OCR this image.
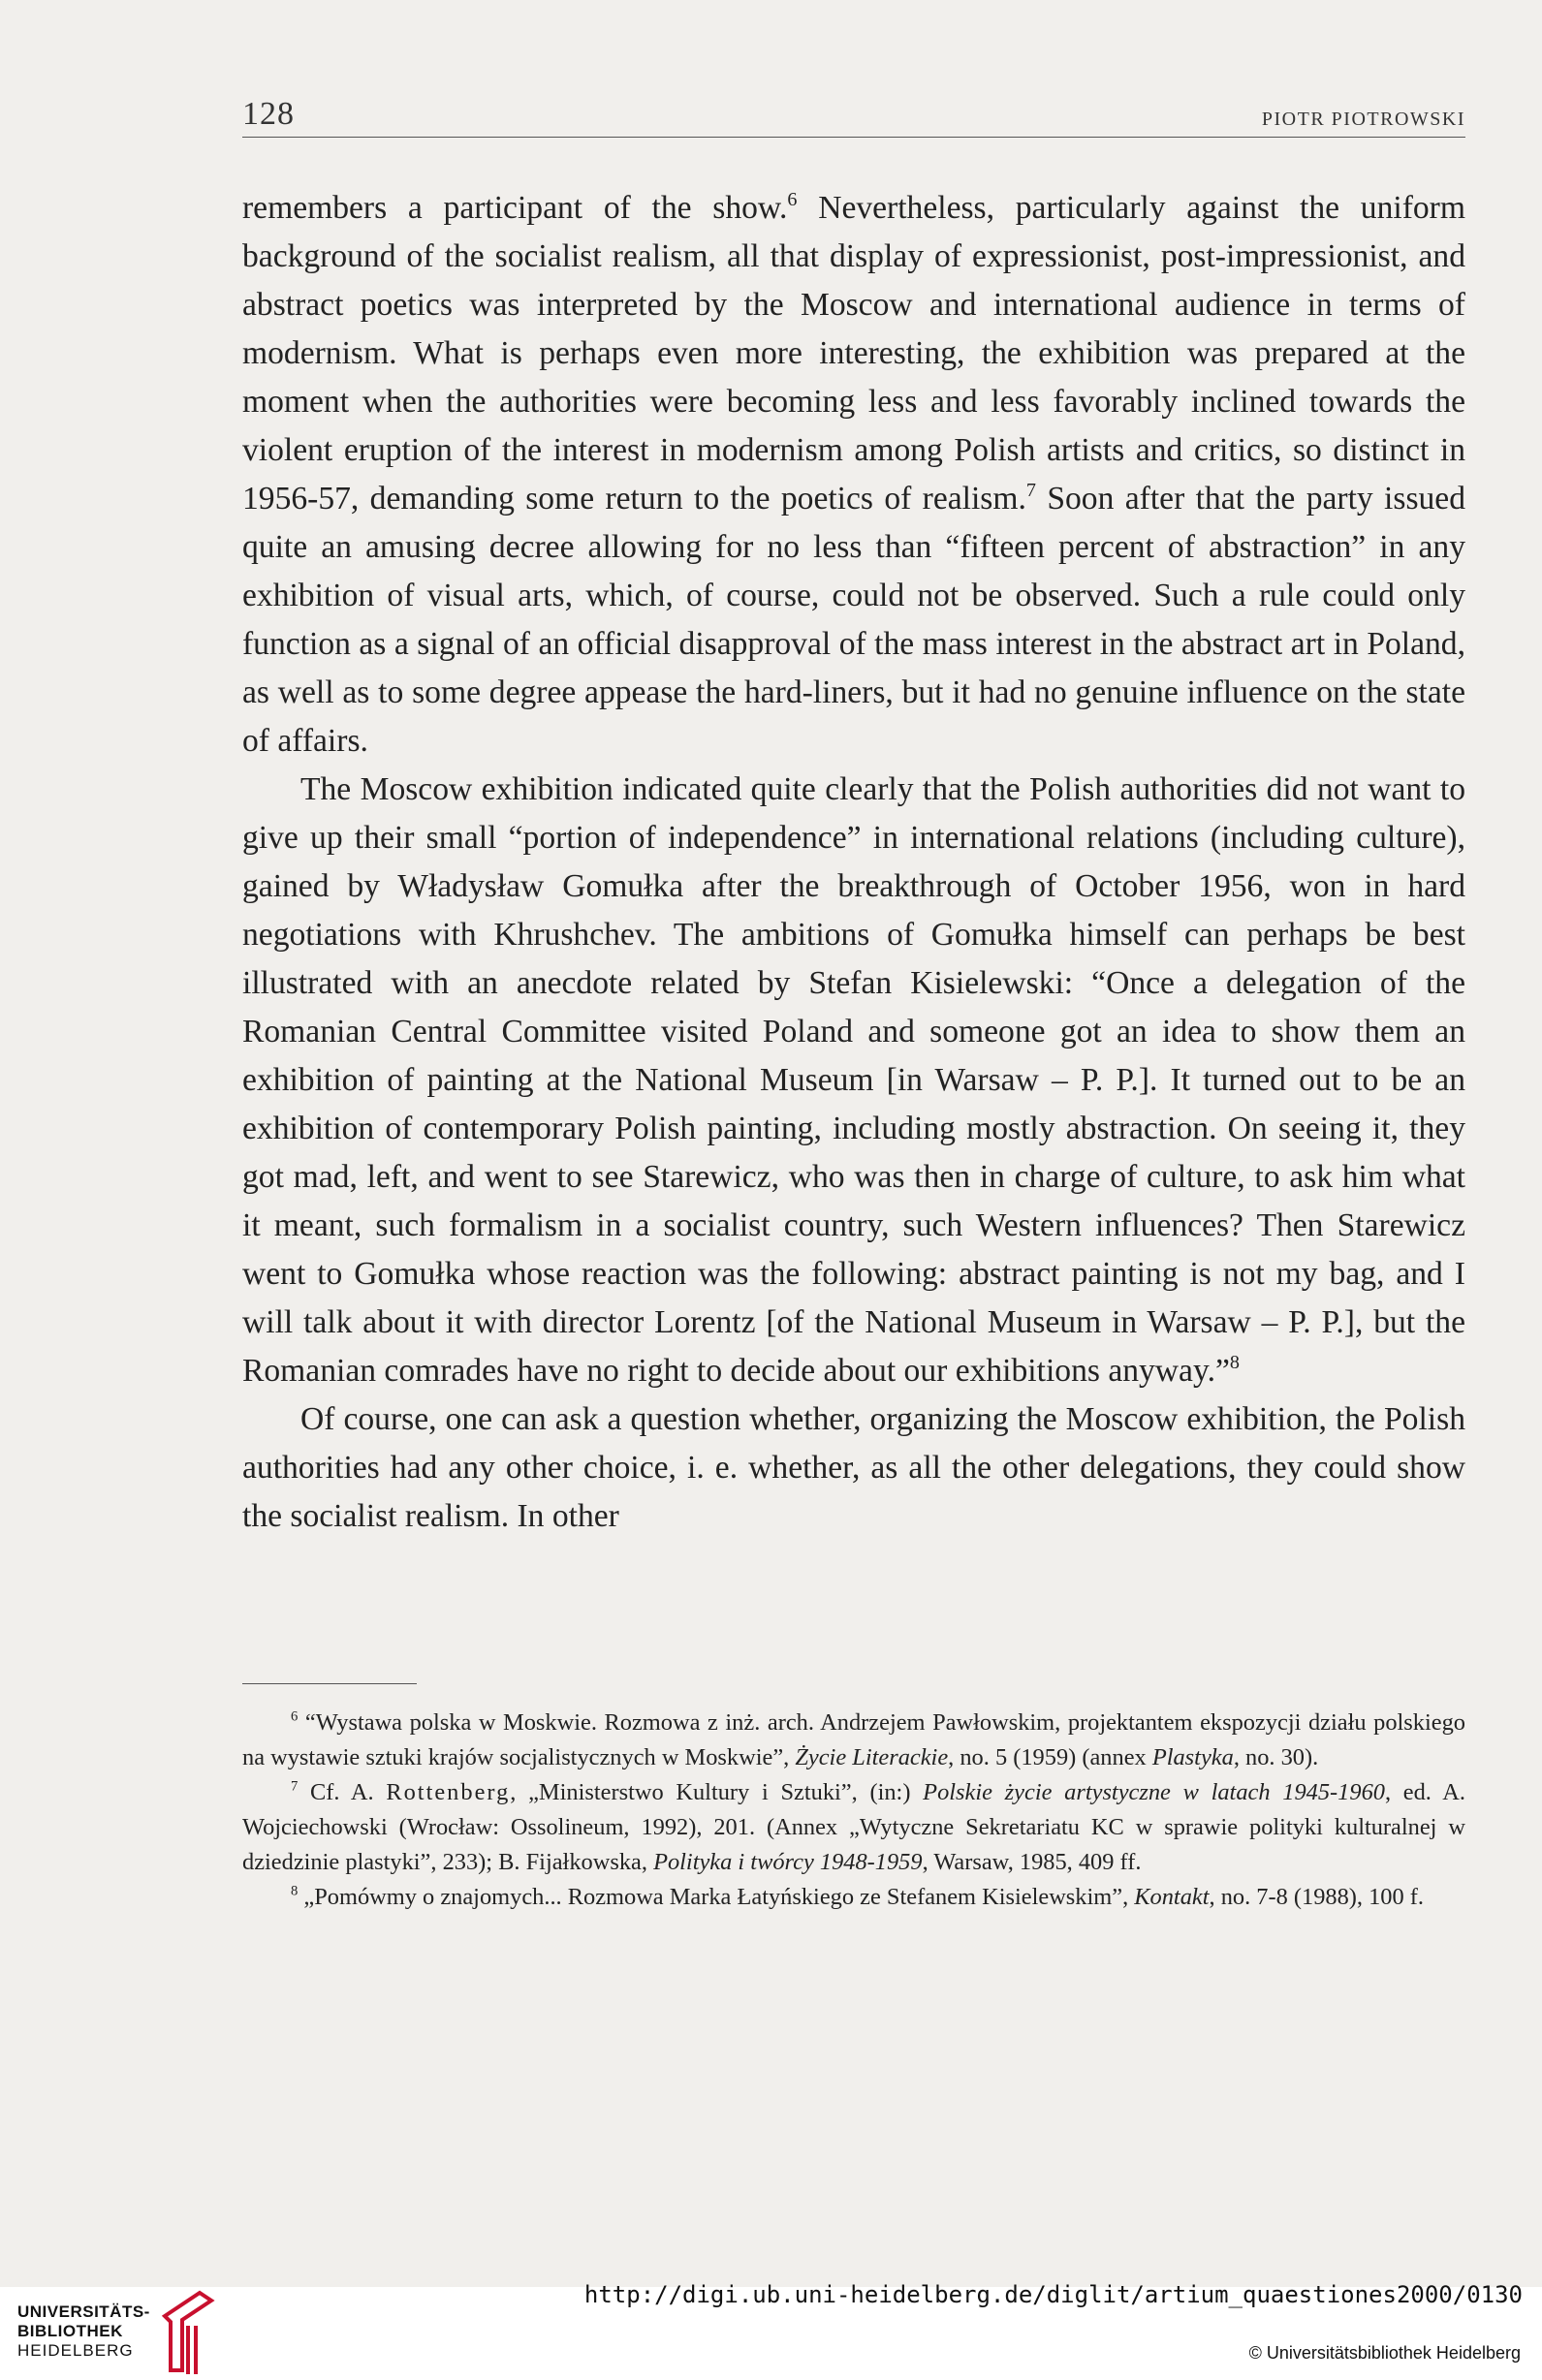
128	PIOTR PIOTROWSKI

remembers a participant of the show.$^6$ Nevertheless, particularly against the uniform background of the socialist realism, all that display of expressionist, post-impressionist, and abstract poetics was interpreted by the Moscow and international audience in terms of modernism. What is perhaps even more interesting, the exhibition was prepared at the moment when the authorities were becoming less and less favorably inclined towards the violent eruption of the interest in modernism among Polish artists and critics, so distinct in 1956-57, demanding some return to the poetics of realism.$^7$ Soon after that the party issued quite an amusing decree allowing for no less than “fifteen percent of abstraction” in any exhibition of visual arts, which, of course, could not be observed. Such a rule could only function as a signal of an official disapproval of the mass interest in the abstract art in Poland, as well as to some degree appease the hard-liners, but it had no genuine influence on the state of affairs.

The Moscow exhibition indicated quite clearly that the Polish authorities did not want to give up their small “portion of independence” in international relations (including culture), gained by Władysław Gomułka after the breakthrough of October 1956, won in hard negotiations with Khrushchev. The ambitions of Gomułka himself can perhaps be best illustrated with an anecdote related by Stefan Kisielewski: “Once a delegation of the Romanian Central Committee visited Poland and someone got an idea to show them an exhibition of painting at the National Museum [in Warsaw – P. P.]. It turned out to be an exhibition of contemporary Polish painting, including mostly abstraction. On seeing it, they got mad, left, and went to see Starewicz, who was then in charge of culture, to ask him what it meant, such formalism in a socialist country, such Western influences? Then Starewicz went to Gomułka whose reaction was the following: abstract painting is not my bag, and I will talk about it with director Lorentz [of the National Museum in Warsaw – P. P.], but the Romanian comrades have no right to decide about our exhibitions anyway.”$^8$

Of course, one can ask a question whether, organizing the Moscow exhibition, the Polish authorities had any other choice, i. e. whether, as all the other delegations, they could show the socialist realism. In other

$^6$ “Wystawa polska w Moskwie. Rozmowa z inż. arch. Andrzejem Pawłowskim, projektantem ekspozycji działu polskiego na wystawie sztuki krajów socjalistycznych w Moskwie”, Życie Literackie, no. 5 (1959) (annex Plastyka, no. 30).

$^7$ Cf. A. Rottenberg, „Ministerstwo Kultury i Sztuki”, (in:) Polskie życie artystyczne w latach 1945-1960, ed. A. Wojciechowski (Wrocław: Ossolineum, 1992), 201. (Annex „Wytyczne Sekretariatu KC w sprawie polityki kulturalnej w dziedzinie plastyki”, 233); B. Fijałkowska, Polityka i twórcy 1948-1959, Warsaw, 1985, 409 ff.

$^8$ „Pomówmy o znajomych... Rozmowa Marka Łatyńskiego ze Stefanem Kisielewskim”, Kontakt, no. 7-8 (1988), 100 f.

UNIVERSITÄTS-
BIBLIOTHEK
HEIDELBERG
http://digi.ub.uni-heidelberg.de/diglit/artium_quaestiones2000/0130
© Universitätsbibliothek Heidelberg
